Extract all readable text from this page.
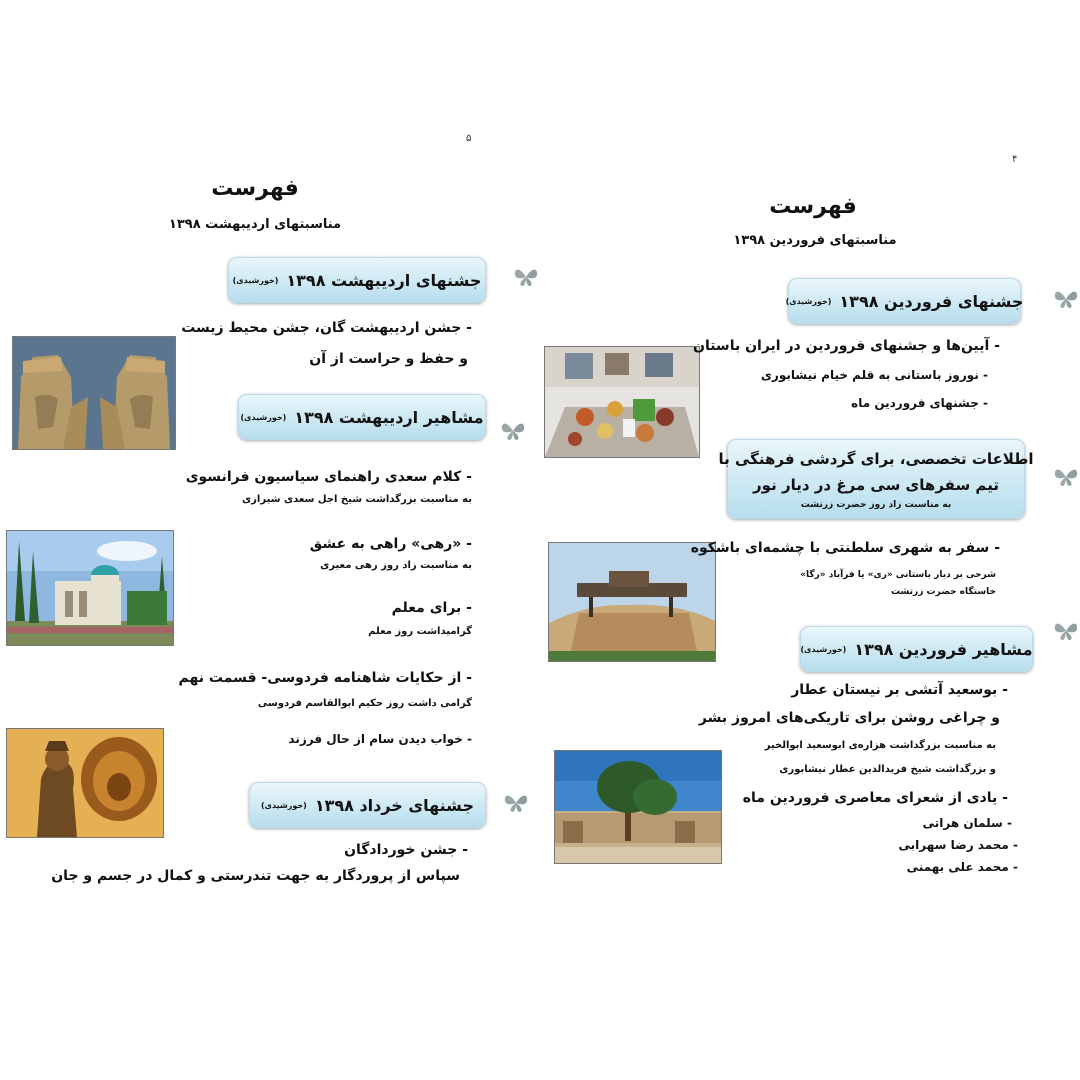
۵
فهرست
مناسبتهای اردیبهشت ۱۳۹۸
جشنهای اردیبهشت ۱۳۹۸
(خورشیدی)
- جشن اردیبهشت گان، جشن محیط زیست
و حفظ و حراست از آن
مشاهیر اردیبهشت ۱۳۹۸
(خورشیدی)
- کلام سعدی راهنمای سیاسیون فرانسوی
به مناسبت بزرگداشت شیخ اجل سعدی شیرازی
- «رهی» راهی به عشق
به مناسبت زاد روز رهی معیری
- برای معلم
گرامیداشت روز معلم
- از حکایات شاهنامه فردوسی- قسمت نهم
گرامی داشت روز حکیم ابوالقاسم فردوسی
- خواب دیدن سام از حال فرزند
جشنهای خرداد ۱۳۹۸
(خورشیدی)
- جشن خوردادگان
سپاس از پروردگار به جهت تندرستی و کمال در جسم و جان
۴
فهرست
مناسبتهای فروردین ۱۳۹۸
جشنهای فروردین ۱۳۹۸
(خورشیدی)
- آیین‌ها و جشنهای فروردین در ایران باستان
- نوروز باستانی به قلم خیام نیشابوری
- جشنهای فروردین ماه
اطلاعات تخصصی، برای گردشی فرهنگی با
تیم سفرهای سی مرغ در دیار نور
به مناسبت زاد روز حضرت زرتشت
- سفر به شهری سلطنتی با چشمه‌ای باشکوه
شرحی بر دیار باستانی «ری» یا فرآباد «رگا»
خاستگاه حضرت زرتشت
مشاهیر فروردین ۱۳۹۸
(خورشیدی)
- بوسعید آتشی بر نیستان عطار
و چراغی روشن برای تاریکی‌های امروز بشر
به مناسبت بزرگداشت هزاره‌ی ابوسعید ابوالخیر
و بزرگداشت شیخ فریدالدین عطار نیشابوری
- یادی از شعرای معاصری فروردین ماه
- سلمان هراتی
- محمد رضا سهرابی
- محمد علی بهمنی
